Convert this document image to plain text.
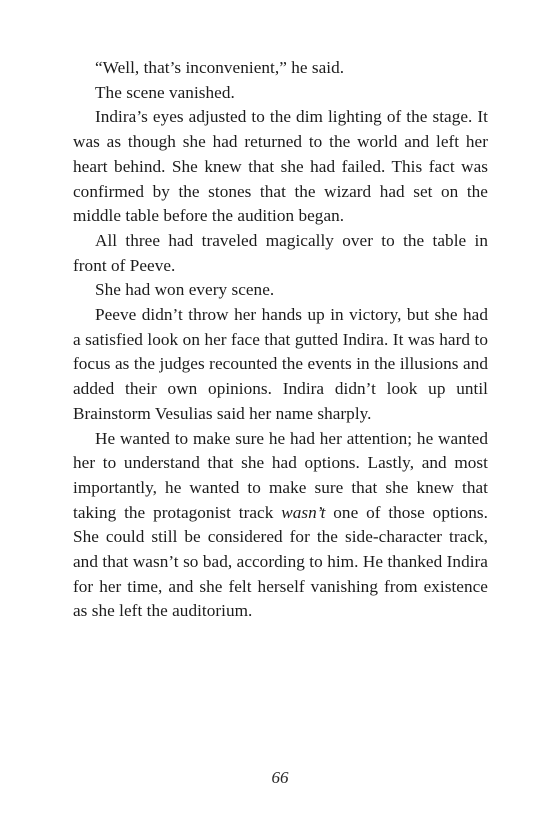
“Well, that’s inconvenient,” he said.

The scene vanished.

Indira’s eyes adjusted to the dim lighting of the stage. It was as though she had returned to the world and left her heart behind. She knew that she had failed. This fact was confirmed by the stones that the wizard had set on the middle table before the audition began.

All three had traveled magically over to the table in front of Peeve.

She had won every scene.

Peeve didn’t throw her hands up in victory, but she had a satisfied look on her face that gutted Indira. It was hard to focus as the judges recounted the events in the illusions and added their own opinions. Indira didn’t look up until Brainstorm Vesulias said her name sharply.

He wanted to make sure he had her attention; he wanted her to understand that she had options. Lastly, and most importantly, he wanted to make sure that she knew that taking the protagonist track wasn’t one of those options. She could still be considered for the side-character track, and that wasn’t so bad, according to him. He thanked Indira for her time, and she felt herself vanishing from existence as she left the auditorium.

66
